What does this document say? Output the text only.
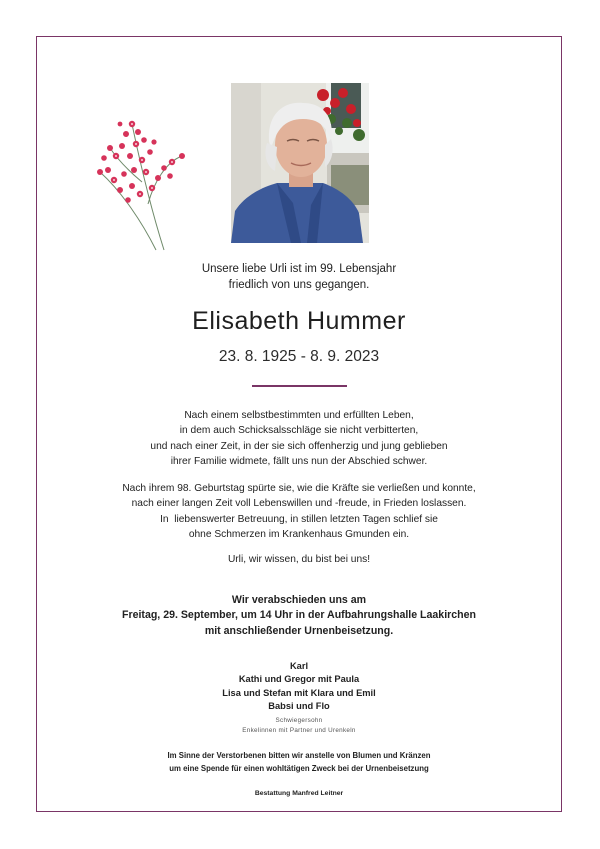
Unsere liebe Urli ist im 99. Lebensjahr
friedlich von uns gegangen.
Elisabeth Hummer
23. 8. 1925 - 8. 9. 2023
Nach einem selbstbestimmten und erfüllten Leben,
in dem auch Schicksalsschläge sie nicht verbitterten,
und nach einer Zeit, in der sie sich offenherzig und jung geblieben
ihrer Familie widmete, fällt uns nun der Abschied schwer.
Nach ihrem 98. Geburtstag spürte sie, wie die Kräfte sie verließen und konnte,
nach einer langen Zeit voll Lebenswillen und -freude, in Frieden loslassen.
In  liebenswerter Betreuung, in stillen letzten Tagen schlief sie
ohne Schmerzen im Krankenhaus Gmunden ein.
Urli, wir wissen, du bist bei uns!
Wir verabschieden uns am
Freitag, 29. September, um 14 Uhr in der Aufbahrungshalle Laakirchen
mit anschließender Urnenbeisetzung.
Karl
Kathi und Gregor mit Paula
Lisa und Stefan mit Klara und Emil
Babsi und Flo
Schwiegersohn
Enkelinnen mit Partner und Urenkeln
Im Sinne der Verstorbenen bitten wir anstelle von Blumen und Kränzen
um eine Spende für einen wohltätigen Zweck bei der Urnenbeisetzung
Bestattung Manfred Leitner
